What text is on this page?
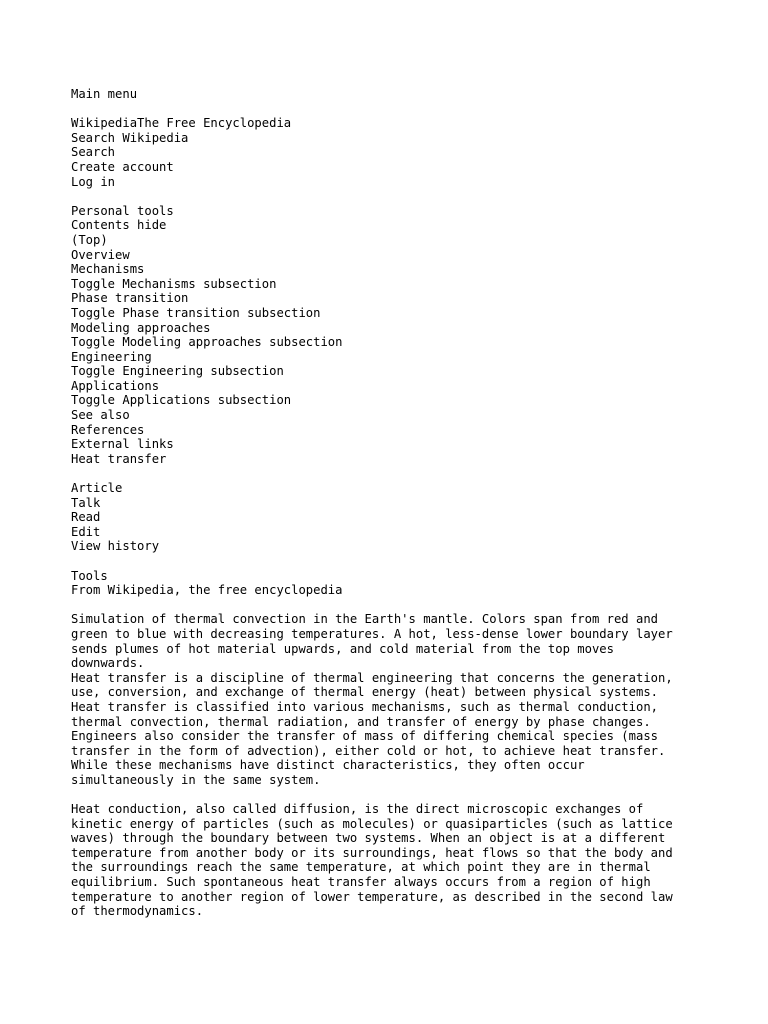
Main menu
WikipediaThe Free Encyclopedia
Search Wikipedia
Search
Create account
Log in
Personal tools
Contents hide
(Top)
Overview
Mechanisms
Toggle Mechanisms subsection
Phase transition
Toggle Phase transition subsection
Modeling approaches
Toggle Modeling approaches subsection
Engineering
Toggle Engineering subsection
Applications
Toggle Applications subsection
See also
References
External links
Heat transfer
Article
Talk
Read
Edit
View history
Tools
From Wikipedia, the free encyclopedia
Simulation of thermal convection in the Earth's mantle. Colors span from red and green to blue with decreasing temperatures. A hot, less-dense lower boundary layer sends plumes of hot material upwards, and cold material from the top moves downwards.
Heat transfer is a discipline of thermal engineering that concerns the generation, use, conversion, and exchange of thermal energy (heat) between physical systems. Heat transfer is classified into various mechanisms, such as thermal conduction, thermal convection, thermal radiation, and transfer of energy by phase changes. Engineers also consider the transfer of mass of differing chemical species (mass transfer in the form of advection), either cold or hot, to achieve heat transfer. While these mechanisms have distinct characteristics, they often occur simultaneously in the same system.
Heat conduction, also called diffusion, is the direct microscopic exchanges of kinetic energy of particles (such as molecules) or quasiparticles (such as lattice waves) through the boundary between two systems. When an object is at a different temperature from another body or its surroundings, heat flows so that the body and the surroundings reach the same temperature, at which point they are in thermal equilibrium. Such spontaneous heat transfer always occurs from a region of high temperature to another region of lower temperature, as described in the second law of thermodynamics.
